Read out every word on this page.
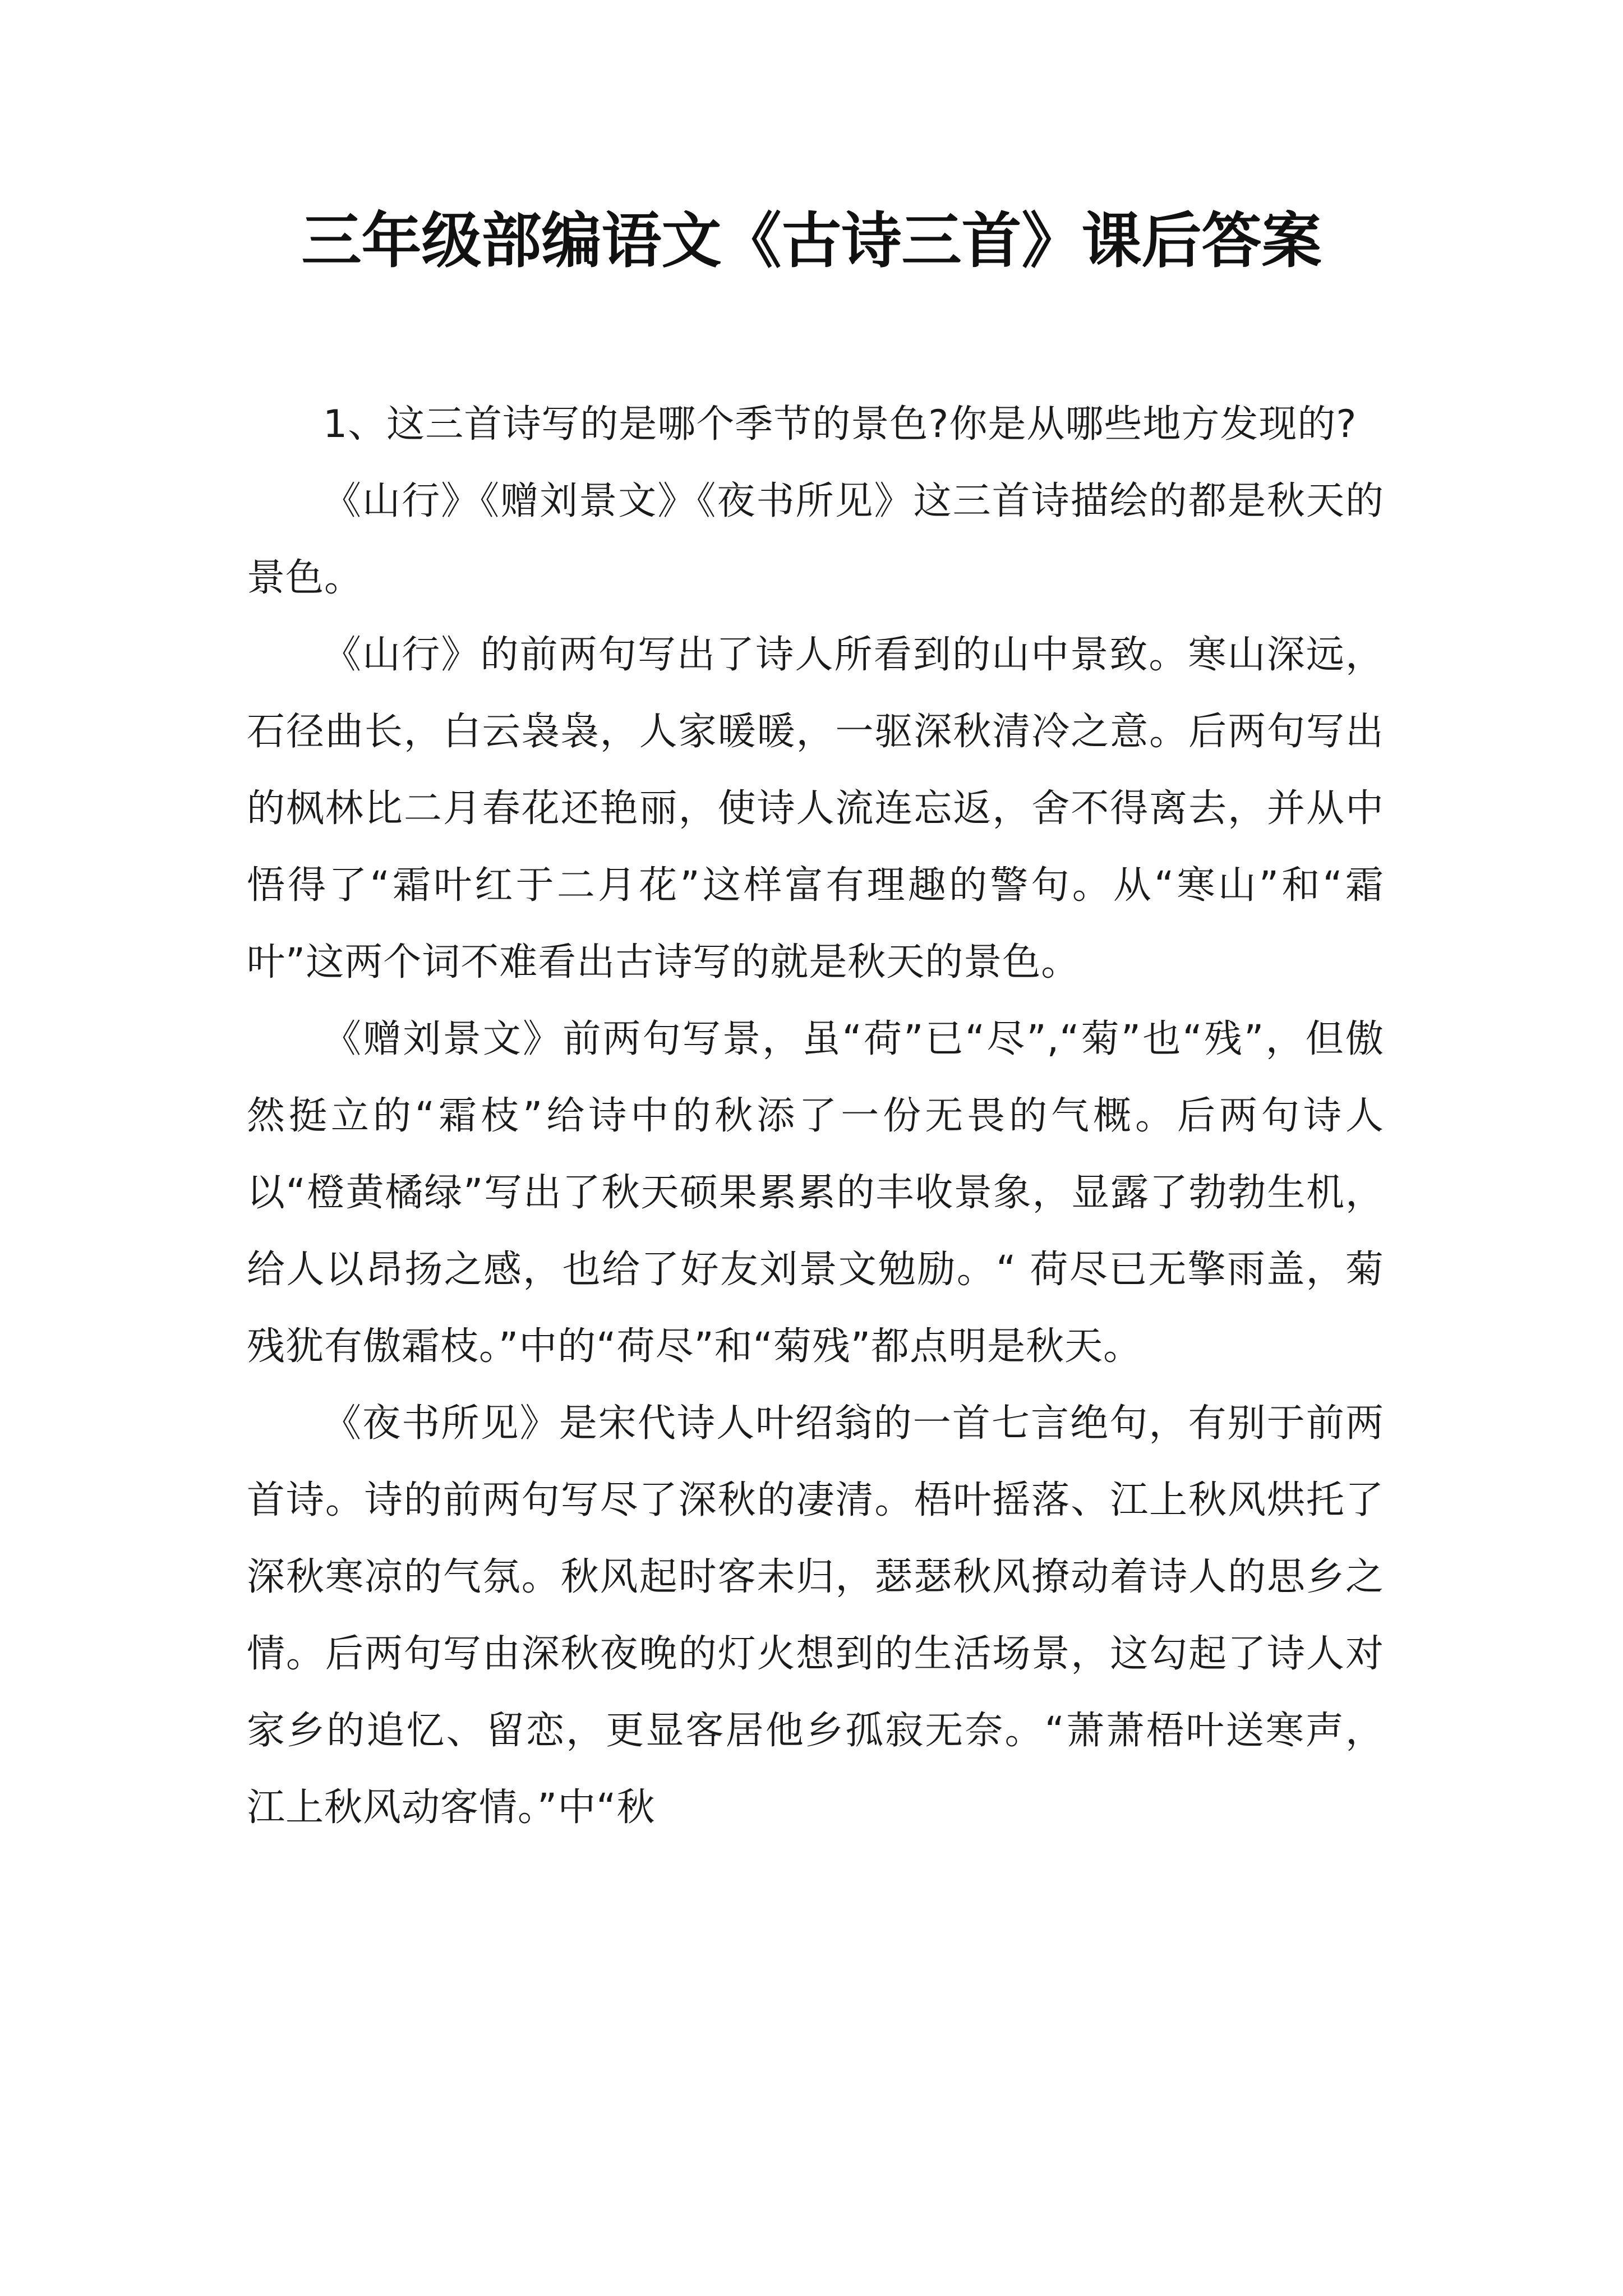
三年级部编语文《古诗三首》课后答案

1、这三首诗写的是哪个季节的景色?你是从哪些地方发现的?

《山行》《赠刘景文》《夜书所见》这三首诗描绘的都是秋天的景色。

《山行》的前两句写出了诗人所看到的山中景致。寒山深远，石径曲长，白云袅袅，人家暖暖，一驱深秋清冷之意。后两句写出的枫林比二月春花还艳丽，使诗人流连忘返，舍不得离去，并从中悟得了“霜叶红于二月花”这样富有理趣的警句。从“寒山”和“霜叶”这两个词不难看出古诗写的就是秋天的景色。

《赠刘景文》前两句写景，虽“荷”已“尽”,“菊”也“残”，但傲然挺立的“霜枝”给诗中的秋添了一份无畏的气概。后两句诗人以“橙黄橘绿”写出了秋天硕果累累的丰收景象，显露了勃勃生机，给人以昂扬之感，也给了好友刘景文勉励。“ 荷尽已无擎雨盖，菊残犹有傲霜枝。”中的“荷尽”和“菊残”都点明是秋天。

《夜书所见》是宋代诗人叶绍翁的一首七言绝句，有别于前两首诗。诗的前两句写尽了深秋的凄清。梧叶摇落、江上秋风烘托了深秋寒凉的气氛。秋风起时客未归，瑟瑟秋风撩动着诗人的思乡之情。后两句写由深秋夜晚的灯火想到的生活场景，这勾起了诗人对家乡的追忆、留恋，更显客居他乡孤寂无奈。“萧萧梧叶送寒声，江上秋风动客情。”中“秋
